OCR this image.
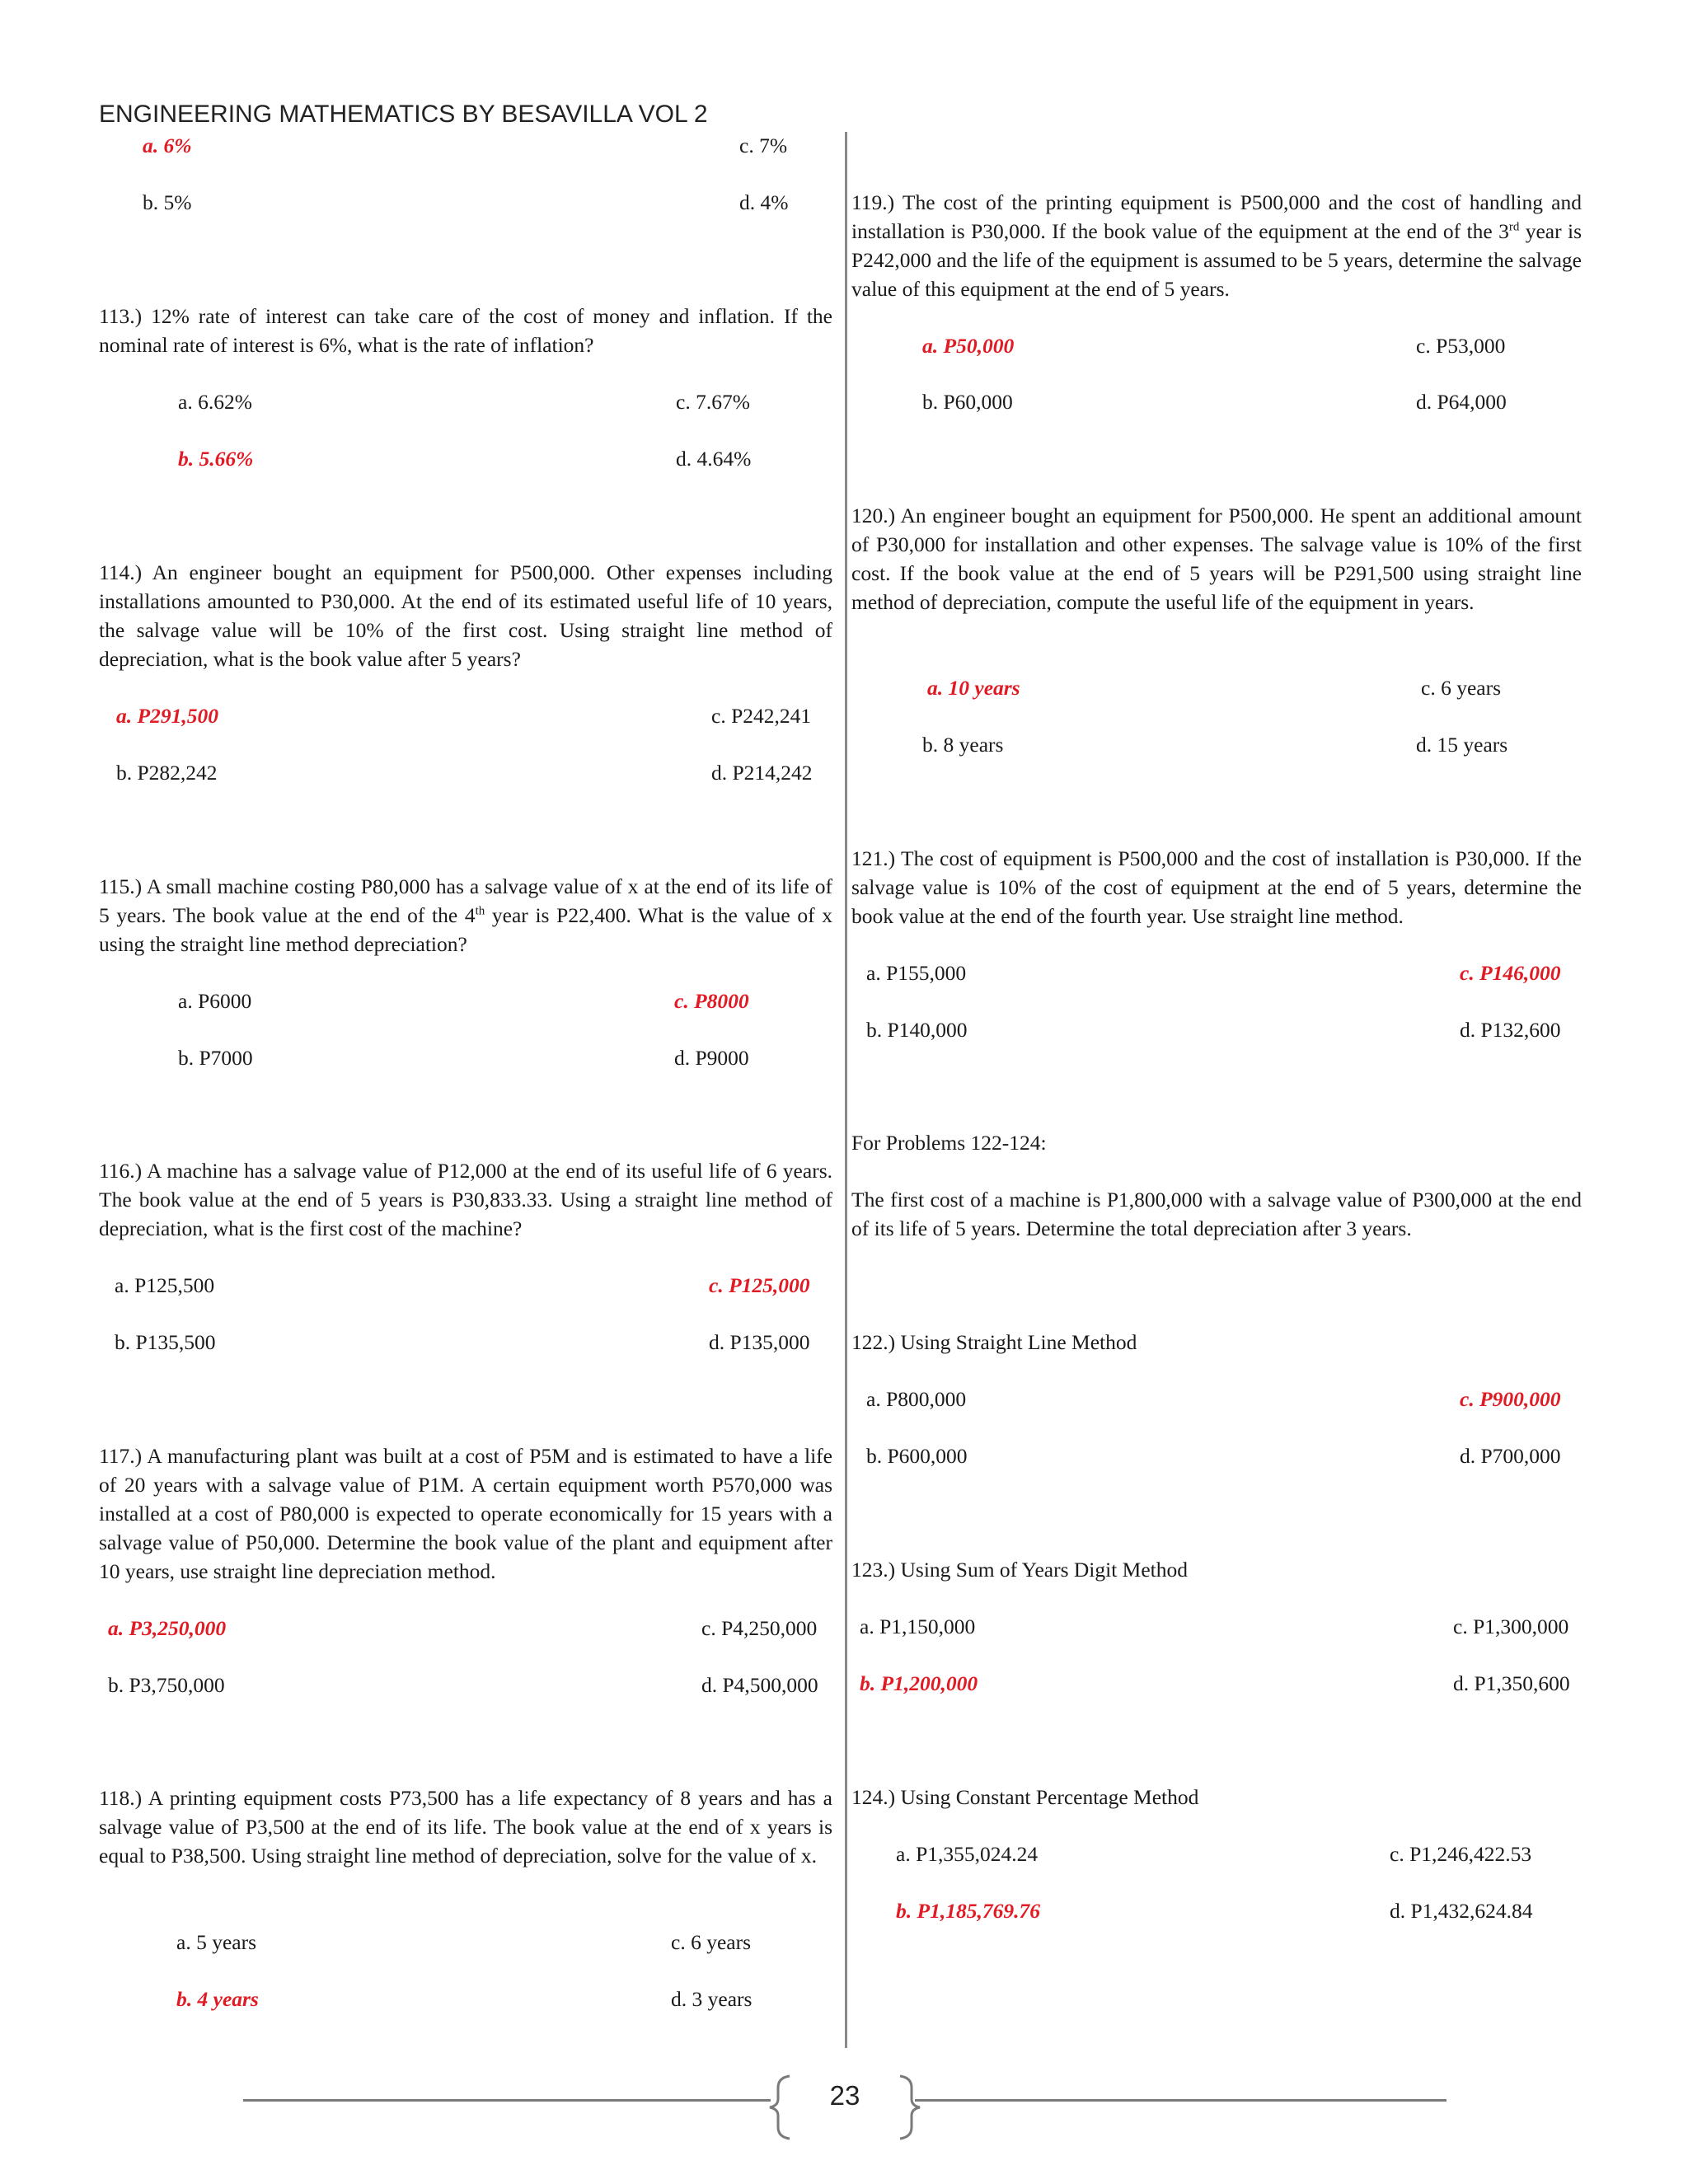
ENGINEERING MATHEMATICS BY BESAVILLA VOL 2
a. 6%	c. 7%
b. 5%	d. 4%
113.) 12% rate of interest can take care of the cost of money and inflation. If the nominal rate of interest is 6%, what is the rate of inflation?
a. 6.62%	c. 7.67%
b. 5.66%	d. 4.64%
114.) An engineer bought an equipment for P500,000. Other expenses including installations amounted to P30,000. At the end of its estimated useful life of 10 years, the salvage value will be 10% of the first cost. Using straight line method of depreciation, what is the book value after 5 years?
a. P291,500	c. P242,241
b. P282,242	d. P214,242
115.) A small machine costing P80,000 has a salvage value of x at the end of its life of 5 years. The book value at the end of the 4th year is P22,400. What is the value of x using the straight line method depreciation?
a. P6000	c. P8000
b. P7000	d. P9000
116.) A machine has a salvage value of P12,000 at the end of its useful life of 6 years. The book value at the end of 5 years is P30,833.33. Using a straight line method of depreciation, what is the first cost of the machine?
a. P125,500	c. P125,000
b. P135,500	d. P135,000
117.) A manufacturing plant was built at a cost of P5M and is estimated to have a life of 20 years with a salvage value of P1M. A certain equipment worth P570,000 was installed at a cost of P80,000 is expected to operate economically for 15 years with a salvage value of P50,000. Determine the book value of the plant and equipment after 10 years, use straight line depreciation method.
a. P3,250,000	c. P4,250,000
b. P3,750,000	d. P4,500,000
118.) A printing equipment costs P73,500 has a life expectancy of 8 years and has a salvage value of P3,500 at the end of its life. The book value at the end of x years is equal to P38,500. Using straight line method of depreciation, solve for the value of x.
a. 5 years	c. 6 years
b. 4 years	d. 3 years
119.) The cost of the printing equipment is P500,000 and the cost of handling and installation is P30,000. If the book value of the equipment at the end of the 3rd year is P242,000 and the life of the equipment is assumed to be 5 years, determine the salvage value of this equipment at the end of 5 years.
a. P50,000	c. P53,000
b. P60,000	d. P64,000
120.) An engineer bought an equipment for P500,000. He spent an additional amount of P30,000 for installation and other expenses. The salvage value is 10% of the first cost. If the book value at the end of 5 years will be P291,500 using straight line method of depreciation, compute the useful life of the equipment in years.
a. 10 years	c. 6 years
b. 8 years	d. 15 years
121.) The cost of equipment is P500,000 and the cost of installation is P30,000. If the salvage value is 10% of the cost of equipment at the end of 5 years, determine the book value at the end of the fourth year. Use straight line method.
a. P155,000	c. P146,000
b. P140,000	d. P132,600
For Problems 122-124:
The first cost of a machine is P1,800,000 with a salvage value of P300,000 at the end of its life of 5 years. Determine the total depreciation after 3 years.
122.) Using Straight Line Method
a. P800,000	c. P900,000
b. P600,000	d. P700,000
123.) Using Sum of Years Digit Method
a. P1,150,000	c. P1,300,000
b. P1,200,000	d. P1,350,600
124.) Using Constant Percentage Method
a. P1,355,024.24	c. P1,246,422.53
b. P1,185,769.76	d. P1,432,624.84
23
